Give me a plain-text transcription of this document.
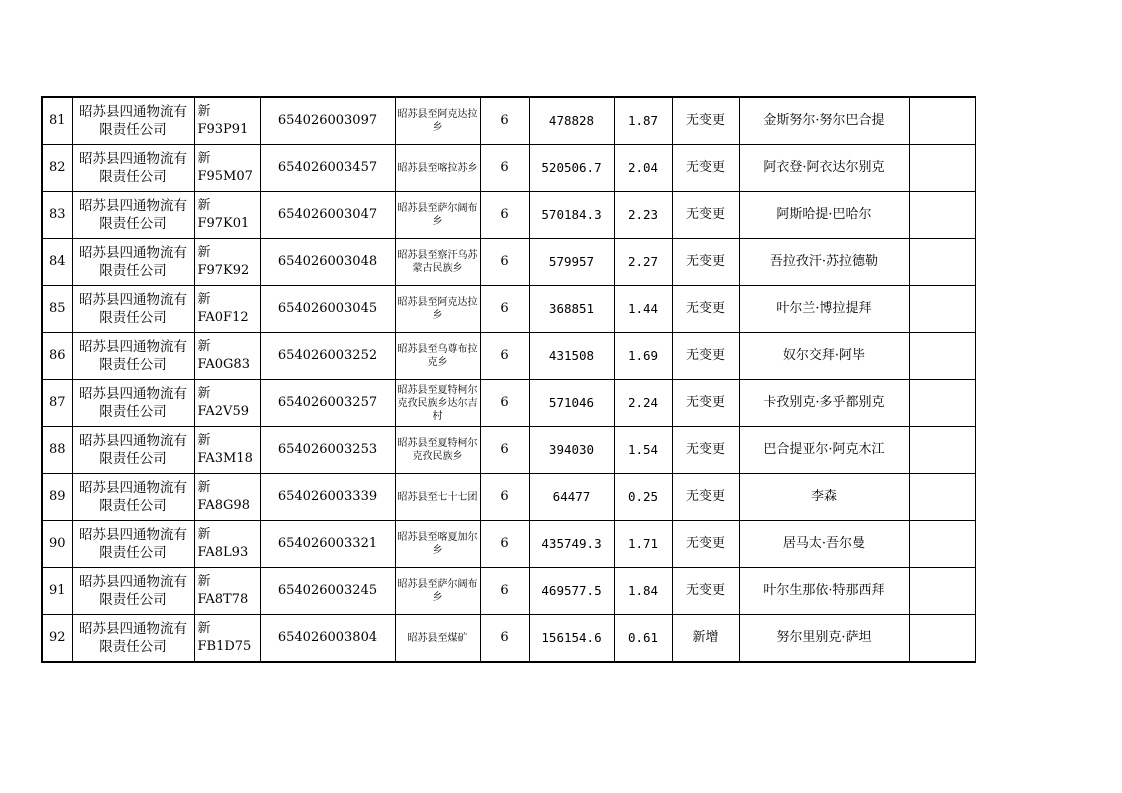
81	昭苏县四通物流有限责任公司	新F93P91	654026003097	昭苏县至阿克达拉乡	6	478828	1.87	无变更	金斯努尔·努尔巴合提	
82	昭苏县四通物流有限责任公司	新F95M07	654026003457	昭苏县至喀拉苏乡	6	520506.7	2.04	无变更	阿衣登·阿衣达尔别克	
83	昭苏县四通物流有限责任公司	新F97K01	654026003047	昭苏县至萨尔阔布乡	6	570184.3	2.23	无变更	阿斯哈提·巴哈尔	
84	昭苏县四通物流有限责任公司	新F97K92	654026003048	昭苏县至察汗乌苏蒙古民族乡	6	579957	2.27	无变更	吾拉孜汗·苏拉德勒	
85	昭苏县四通物流有限责任公司	新FA0F12	654026003045	昭苏县至阿克达拉乡	6	368851	1.44	无变更	叶尔兰·博拉提拜	
86	昭苏县四通物流有限责任公司	新FA0G83	654026003252	昭苏县至乌尊布拉克乡	6	431508	1.69	无变更	奴尔交拜·阿毕	
87	昭苏县四通物流有限责任公司	新FA2V59	654026003257	昭苏县至夏特柯尔克孜民族乡达尔吉村	6	571046	2.24	无变更	卡孜别克·多乎都别克	
88	昭苏县四通物流有限责任公司	新FA3M18	654026003253	昭苏县至夏特柯尔克孜民族乡	6	394030	1.54	无变更	巴合提亚尔·阿克木江	
89	昭苏县四通物流有限责任公司	新FA8G98	654026003339	昭苏县至七十七团	6	64477	0.25	无变更	李森	
90	昭苏县四通物流有限责任公司	新FA8L93	654026003321	昭苏县至喀夏加尔乡	6	435749.3	1.71	无变更	居马太·吾尔曼	
91	昭苏县四通物流有限责任公司	新FA8T78	654026003245	昭苏县至萨尔阔布乡	6	469577.5	1.84	无变更	叶尔生那依·特那西拜	
92	昭苏县四通物流有限责任公司	新FB1D75	654026003804	昭苏县至煤矿	6	156154.6	0.61	新增	努尔里别克·萨坦	
